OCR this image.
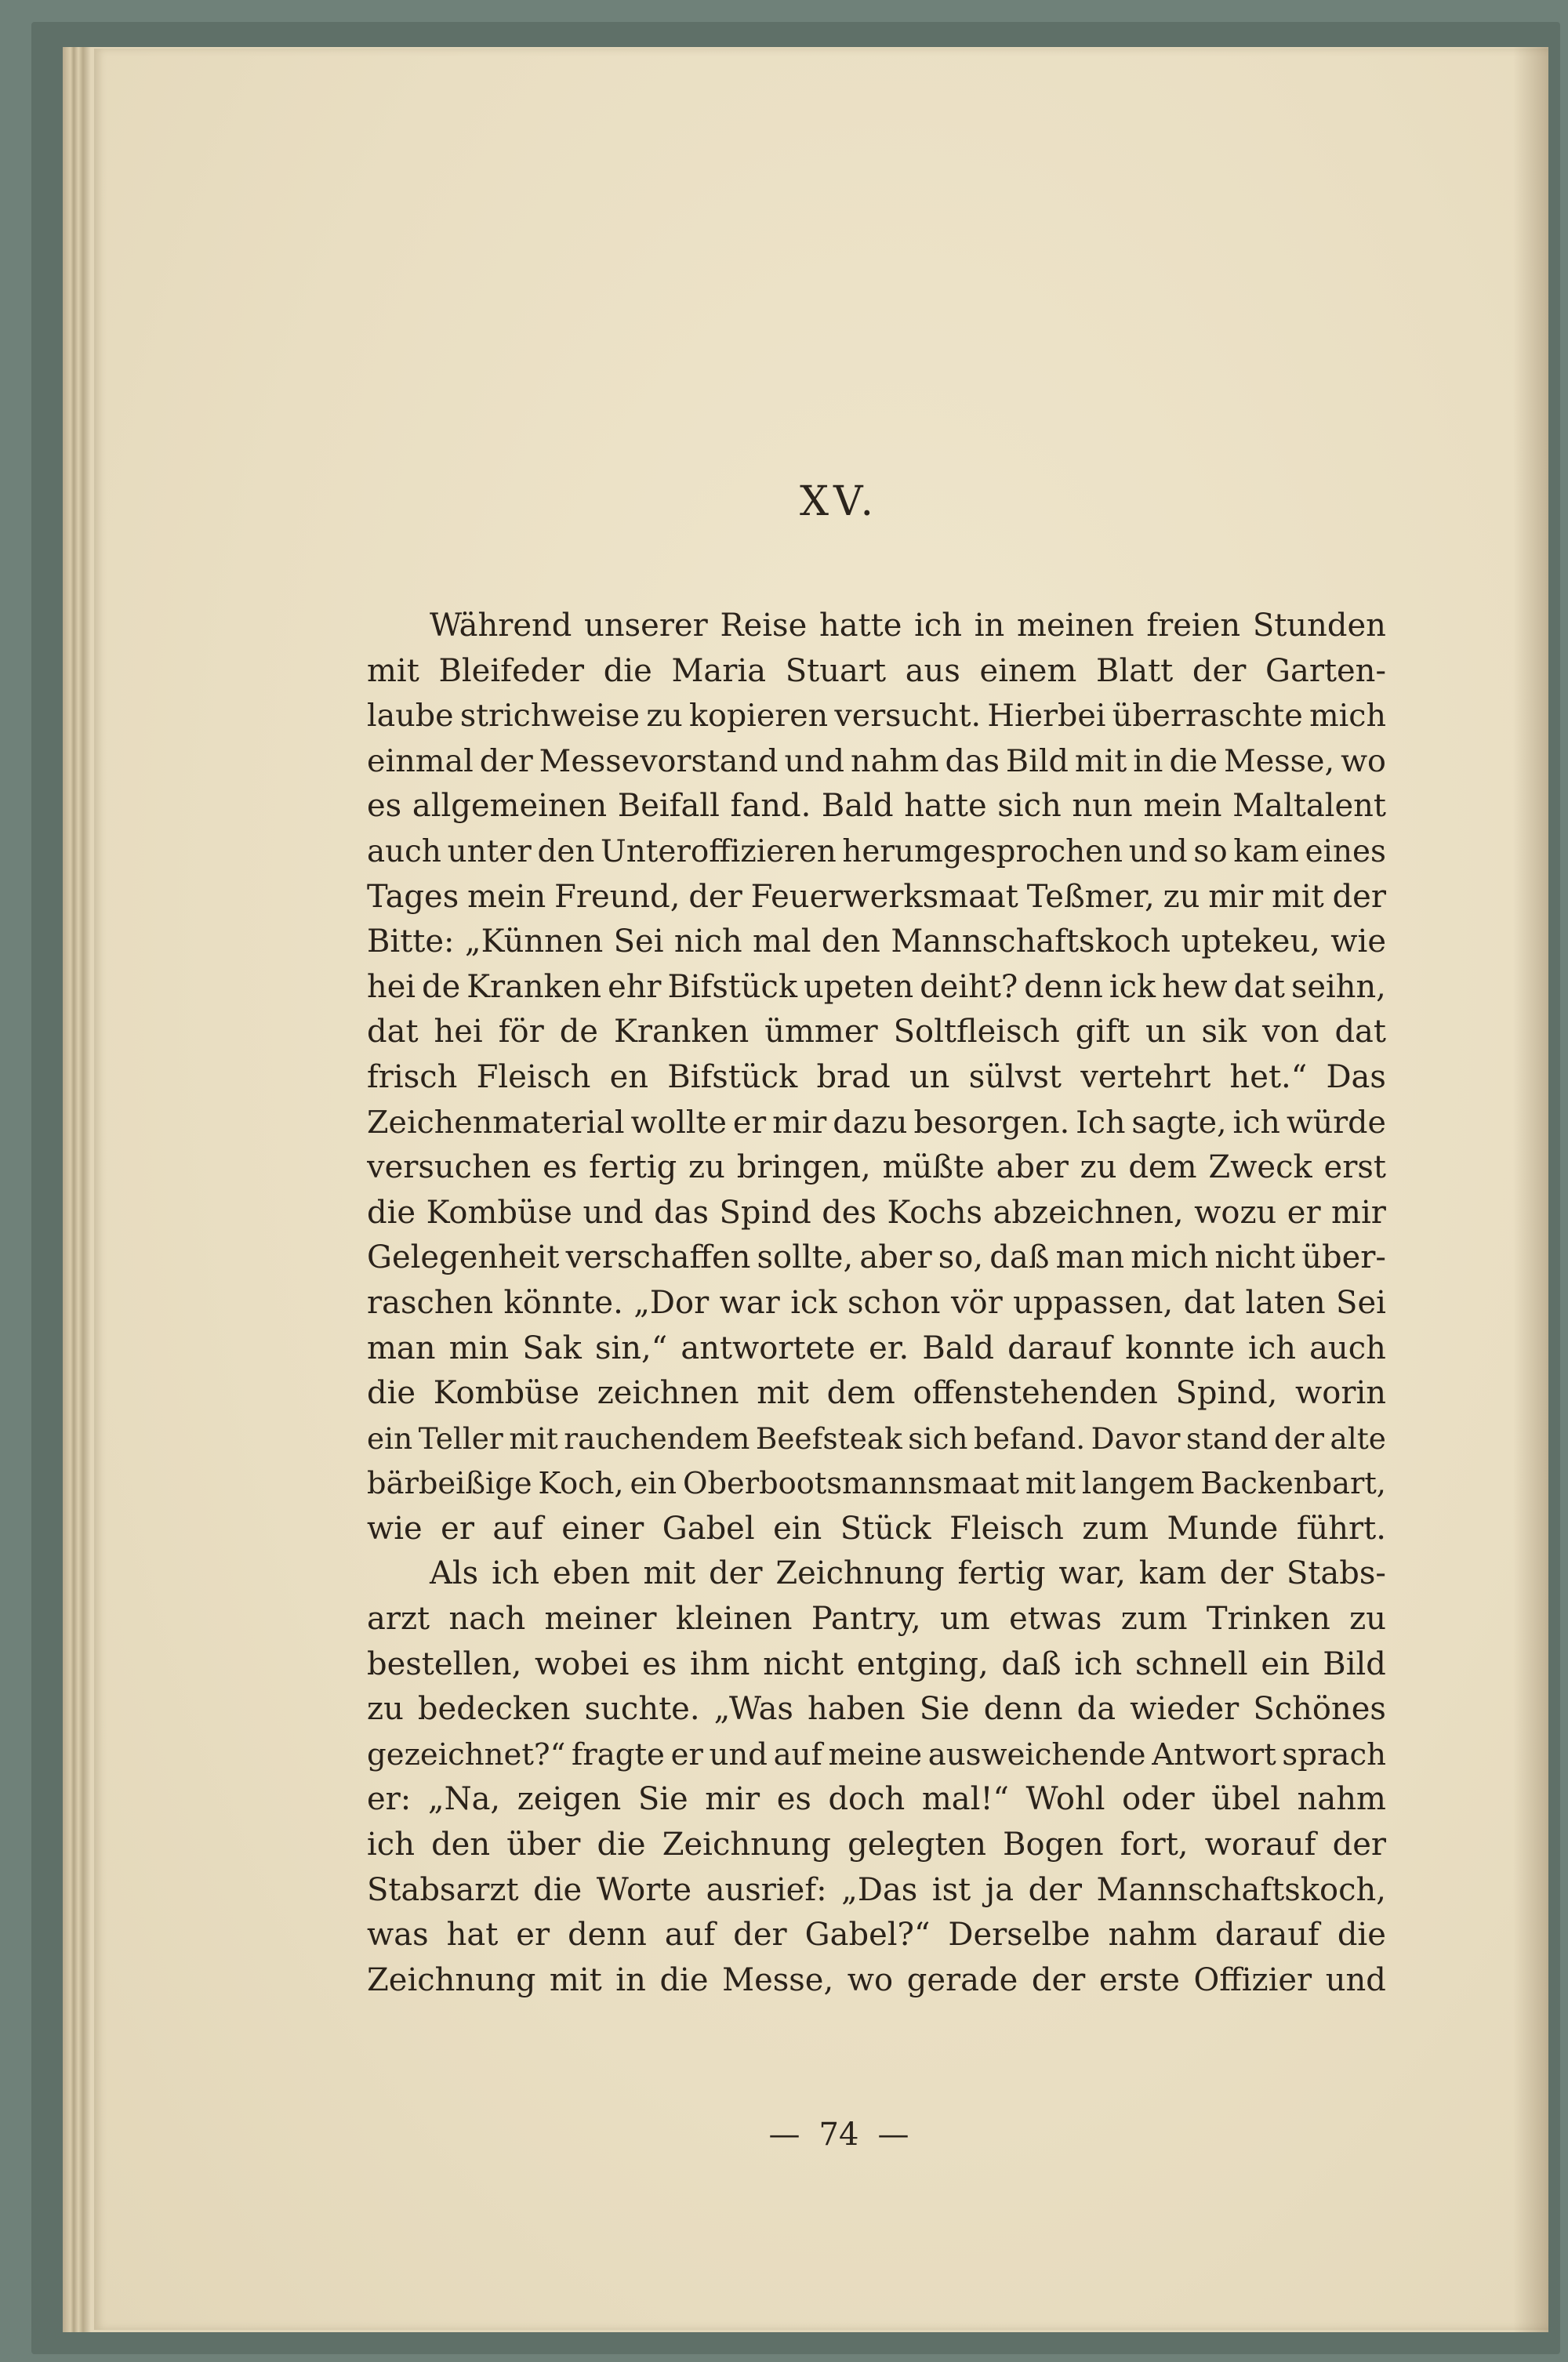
XV.
Während unserer Reise hatte ich in meinen freien Stunden
mit Bleifeder die Maria Stuart aus einem Blatt der Garten-
laube strichweise zu kopieren versucht. Hierbei überraschte mich
einmal der Messevorstand und nahm das Bild mit in die Messe, wo
es allgemeinen Beifall fand. Bald hatte sich nun mein Maltalent
auch unter den Unteroffizieren herumgesprochen und so kam eines
Tages mein Freund, der Feuerwerksmaat Teßmer, zu mir mit der
Bitte: „Künnen Sei nich mal den Mannschaftskoch uptekeu, wie
hei de Kranken ehr Bifstück upeten deiht? denn ick hew dat seihn,
dat hei för de Kranken ümmer Soltfleisch gift un sik von dat
frisch Fleisch en Bifstück brad un sülvst vertehrt het.“ Das
Zeichenmaterial wollte er mir dazu besorgen. Ich sagte, ich würde
versuchen es fertig zu bringen, müßte aber zu dem Zweck erst
die Kombüse und das Spind des Kochs abzeichnen, wozu er mir
Gelegenheit verschaffen sollte, aber so, daß man mich nicht über-
raschen könnte. „Dor war ick schon vör uppassen, dat laten Sei
man min Sak sin,“ antwortete er. Bald darauf konnte ich auch
die Kombüse zeichnen mit dem offenstehenden Spind, worin
ein Teller mit rauchendem Beefsteak sich befand. Davor stand der alte
bärbeißige Koch, ein Oberbootsmannsmaat mit langem Backenbart,
wie er auf einer Gabel ein Stück Fleisch zum Munde führt.
Als ich eben mit der Zeichnung fertig war, kam der Stabs-
arzt nach meiner kleinen Pantry, um etwas zum Trinken zu
bestellen, wobei es ihm nicht entging, daß ich schnell ein Bild
zu bedecken suchte. „Was haben Sie denn da wieder Schönes
gezeichnet?“ fragte er und auf meine ausweichende Antwort sprach
er: „Na, zeigen Sie mir es doch mal!“ Wohl oder übel nahm
ich den über die Zeichnung gelegten Bogen fort, worauf der
Stabsarzt die Worte ausrief: „Das ist ja der Mannschaftskoch,
was hat er denn auf der Gabel?“ Derselbe nahm darauf die
Zeichnung mit in die Messe, wo gerade der erste Offizier und
— 74 —
